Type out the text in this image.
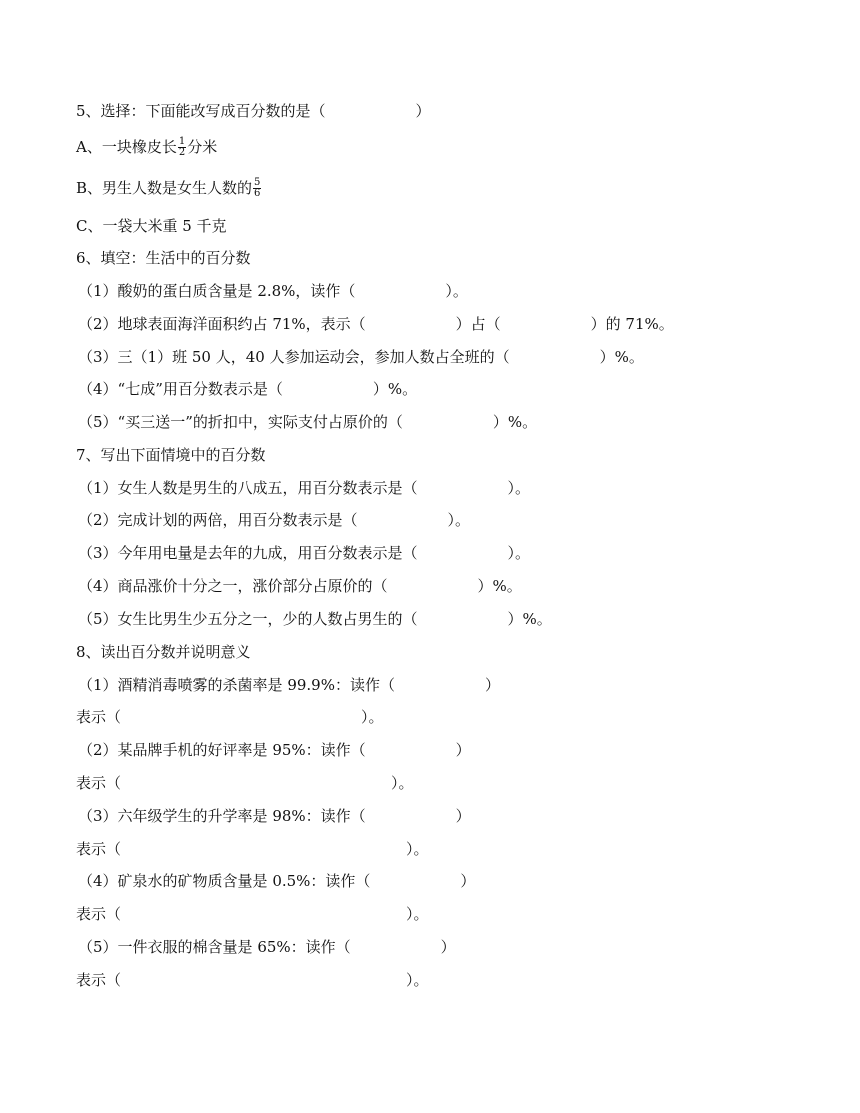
5、选择：下面能改写成百分数的是（　　　　　　）
A、一块橡皮长 $\frac{1}{2}$ 分米
B、男生人数是女生人数的 $\frac{5}{6}$
C、一袋大米重 5 千克
6、填空：生活中的百分数
（1）酸奶的蛋白质含量是 2.8%，读作（　　　　　　）。
（2）地球表面海洋面积约占 71%，表示（　　　　　　）占（　　　　　　）的 71%。
（3）三（1）班 50 人，40 人参加运动会，参加人数占全班的（　　　　　　）%。
（4）“七成”用百分数表示是（　　　　　　）%。
（5）“买三送一”的折扣中，实际支付占原价的（　　　　　　）%。
7、写出下面情境中的百分数
（1）女生人数是男生的八成五，用百分数表示是（　　　　　　）。
（2）完成计划的两倍，用百分数表示是（　　　　　　）。
（3）今年用电量是去年的九成，用百分数表示是（　　　　　　）。
（4）商品涨价十分之一，涨价部分占原价的（　　　　　　）%。
（5）女生比男生少五分之一，少的人数占男生的（　　　　　　）%。
8、读出百分数并说明意义
（1）酒精消毒喷雾的杀菌率是 99.9%：读作（　　　　　　）
表示（　　　　　　　　　　　　　　　　）。
（2）某品牌手机的好评率是 95%：读作（　　　　　　）
表示（　　　　　　　　　　　　　　　　　　）。
（3）六年级学生的升学率是 98%：读作（　　　　　　）
表示（　　　　　　　　　　　　　　　　　　　）。
（4）矿泉水的矿物质含量是 0.5%：读作（　　　　　　）
表示（　　　　　　　　　　　　　　　　　　　）。
（5）一件衣服的棉含量是 65%：读作（　　　　　　）
表示（　　　　　　　　　　　　　　　　　　　）。
